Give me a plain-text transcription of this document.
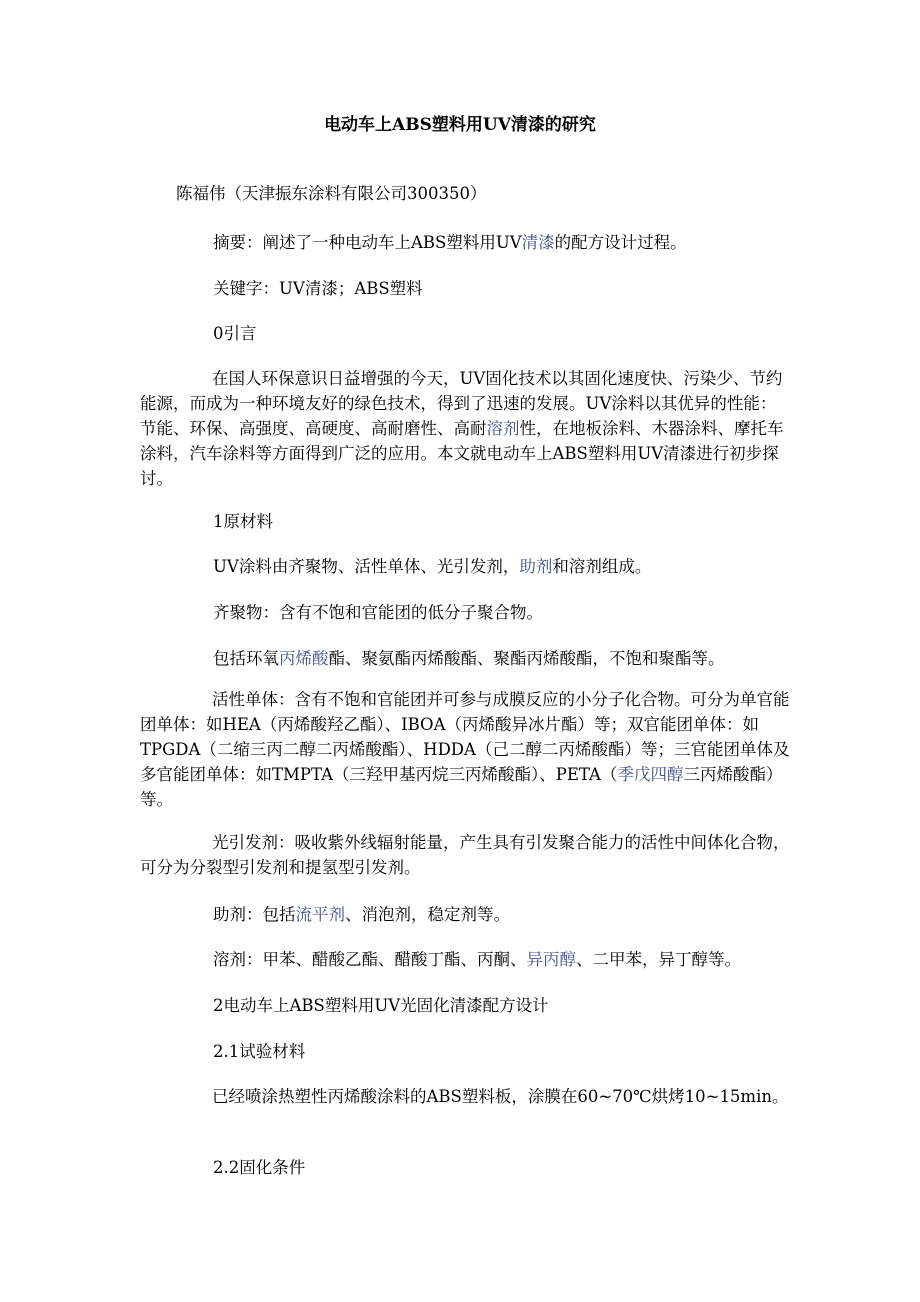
电动车上ABS塑料用UV清漆的研究

陈福伟（天津振东涂料有限公司300350）

摘要：阐述了一种电动车上ABS塑料用UV清漆的配方设计过程。

关键字：UV清漆；ABS塑料

0引言

在国人环保意识日益增强的今天，UV固化技术以其固化速度快、污染少、节约能源，而成为一种环境友好的绿色技术，得到了迅速的发展。UV涂料以其优异的性能：节能、环保、高强度、高硬度、高耐磨性、高耐溶剂性，在地板涂料、木器涂料、摩托车涂料，汽车涂料等方面得到广泛的应用。本文就电动车上ABS塑料用UV清漆进行初步探讨。

1原材料

UV涂料由齐聚物、活性单体、光引发剂，助剂和溶剂组成。

齐聚物：含有不饱和官能团的低分子聚合物。

包括环氧丙烯酸酯、聚氨酯丙烯酸酯、聚酯丙烯酸酯，不饱和聚酯等。

活性单体：含有不饱和官能团并可参与成膜反应的小分子化合物。可分为单官能团单体：如HEA（丙烯酸羟乙酯）、IBOA（丙烯酸异冰片酯）等；双官能团单体：如TPGDA（二缩三丙二醇二丙烯酸酯）、HDDA（己二醇二丙烯酸酯）等；三官能团单体及多官能团单体：如TMPTA（三羟甲基丙烷三丙烯酸酯）、PETA（季戊四醇三丙烯酸酯）等。

光引发剂：吸收紫外线辐射能量，产生具有引发聚合能力的活性中间体化合物，可分为分裂型引发剂和提氢型引发剂。

助剂：包括流平剂、消泡剂，稳定剂等。

溶剂：甲苯、醋酸乙酯、醋酸丁酯、丙酮、异丙醇、二甲苯，异丁醇等。

2电动车上ABS塑料用UV光固化清漆配方设计

2.1试验材料

已经喷涂热塑性丙烯酸涂料的ABS塑料板，涂膜在60~70℃烘烤10~15min。

2.2固化条件
